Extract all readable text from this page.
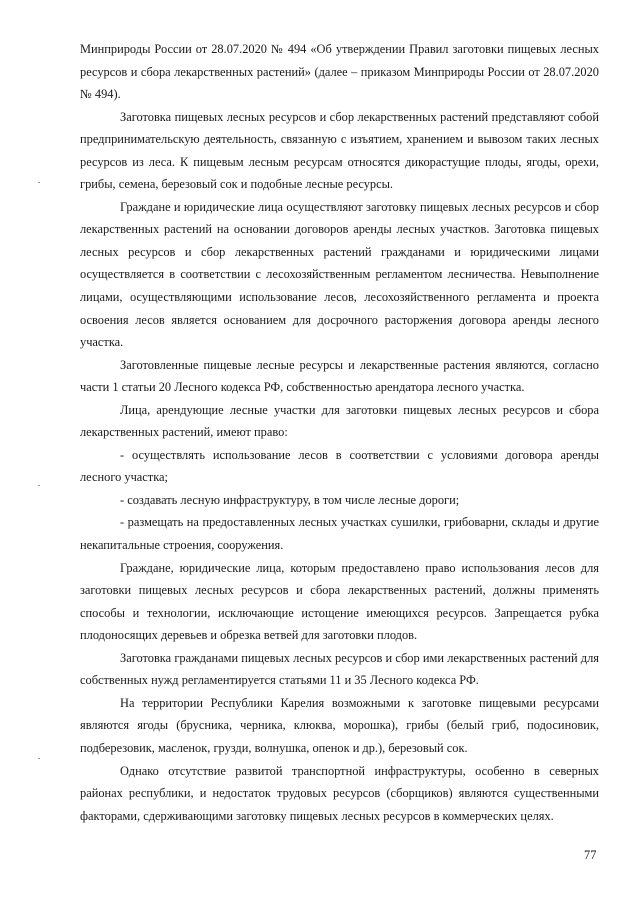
Минприроды России от 28.07.2020 № 494 «Об утверждении Правил заготовки пищевых лесных ресурсов и сбора лекарственных растений» (далее – приказом Минприроды России от 28.07.2020 № 494).

Заготовка пищевых лесных ресурсов и сбор лекарственных растений представляют собой предпринимательскую деятельность, связанную с изъятием, хранением и вывозом таких лесных ресурсов из леса. К пищевым лесным ресурсам относятся дикорастущие плоды, ягоды, орехи, грибы, семена, березовый сок и подобные лесные ресурсы.

Граждане и юридические лица осуществляют заготовку пищевых лесных ресурсов и сбор лекарственных растений на основании договоров аренды лесных участков. Заготовка пищевых лесных ресурсов и сбор лекарственных растений гражданами и юридическими лицами осуществляется в соответствии с лесохозяйственным регламентом лесничества. Невыполнение лицами, осуществляющими использование лесов, лесохозяйственного регламента и проекта освоения лесов является основанием для досрочного расторжения договора аренды лесного участка.

Заготовленные пищевые лесные ресурсы и лекарственные растения являются, согласно части 1 статьи 20 Лесного кодекса РФ, собственностью арендатора лесного участка.

Лица, арендующие лесные участки для заготовки пищевых лесных ресурсов и сбора лекарственных растений, имеют право:

- осуществлять использование лесов в соответствии с условиями договора аренды лесного участка;

- создавать лесную инфраструктуру, в том числе лесные дороги;

- размещать на предоставленных лесных участках сушилки, грибоварни, склады и другие некапитальные строения, сооружения.

Граждане, юридические лица, которым предоставлено право использования лесов для заготовки пищевых лесных ресурсов и сбора лекарственных растений, должны применять способы и технологии, исключающие истощение имеющихся ресурсов. Запрещается рубка плодоносящих деревьев и обрезка ветвей для заготовки плодов.

Заготовка гражданами пищевых лесных ресурсов и сбор ими лекарственных растений для собственных нужд регламентируется статьями 11 и 35 Лесного кодекса РФ.

На территории Республики Карелия возможными к заготовке пищевыми ресурсами являются ягоды (брусника, черника, клюква, морошка), грибы (белый гриб, подосиновик, подберезовик, масленок, грузди, волнушка, опенок и др.), березовый сок.

Однако отсутствие развитой транспортной инфраструктуры, особенно в северных районах республики, и недостаток трудовых ресурсов (сборщиков) являются существенными факторами, сдерживающими заготовку пищевых лесных ресурсов в коммерческих целях.

77
